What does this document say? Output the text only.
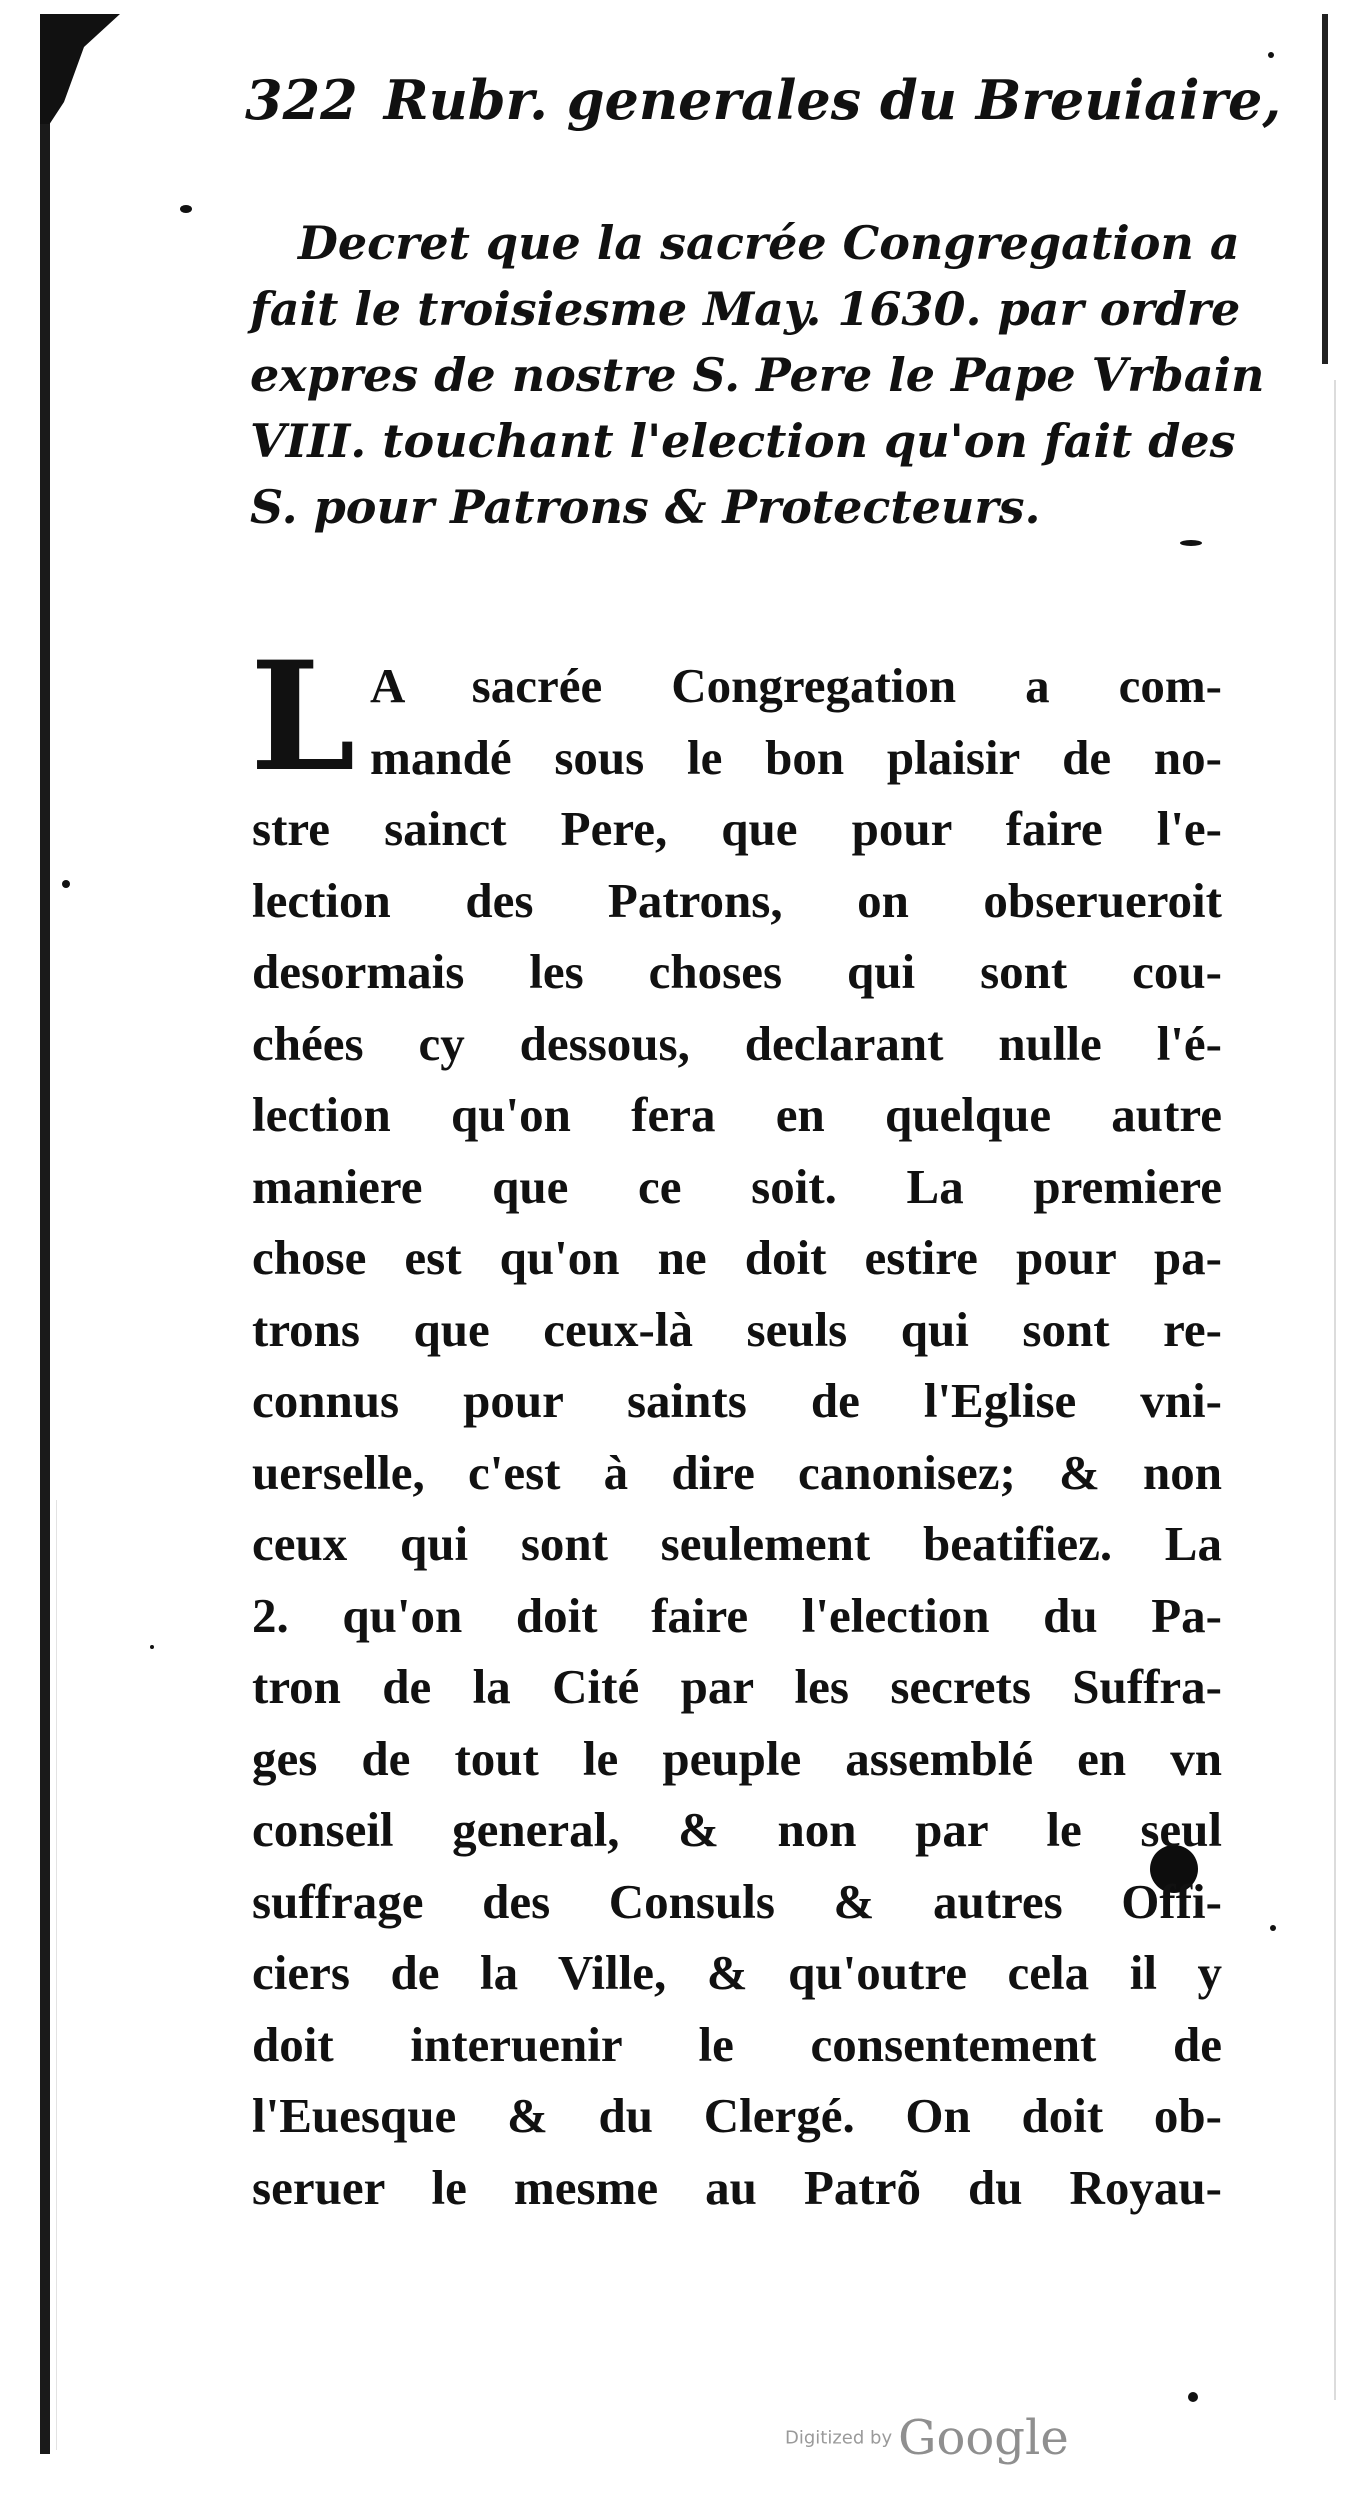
322 Rubr. generales du Breuiaire,
Decret que la sacrée Congregation a
fait le troisiesme May. 1630. par ordre
expres de nostre S. Pere le Pape Vrbain
VIII. touchant l'election qu'on fait des
S. pour Patrons & Protecteurs.
L A sacrée Congregation a com-
mandé sous le bon plaisir de no-
stre sainct Pere, que pour faire l'e-
lection des Patrons, on obserueroit
desormais les choses qui sont cou-
chées cy dessous, declarant nulle l'é-
lection qu'on fera en quelque autre
maniere que ce soit. La premiere
chose est qu'on ne doit estire pour pa-
trons que ceux-là seuls qui sont re-
connus pour saints de l'Eglise vni-
uerselle, c'est à dire canonisez; & non
ceux qui sont seulement beatifiez. La
2. qu'on doit faire l'election du Pa-
tron de la Cité par les secrets Suffra-
ges de tout le peuple assemblé en vn
conseil general, & non par le seul
suffrage des Consuls & autres Offi-
ciers de la Ville, & qu'outre cela il y
doit interuenir le consentement de
l'Euesque & du Clergé. On doit ob-
seruer le mesme au Patrõ du Royau-
Digitized by Google
